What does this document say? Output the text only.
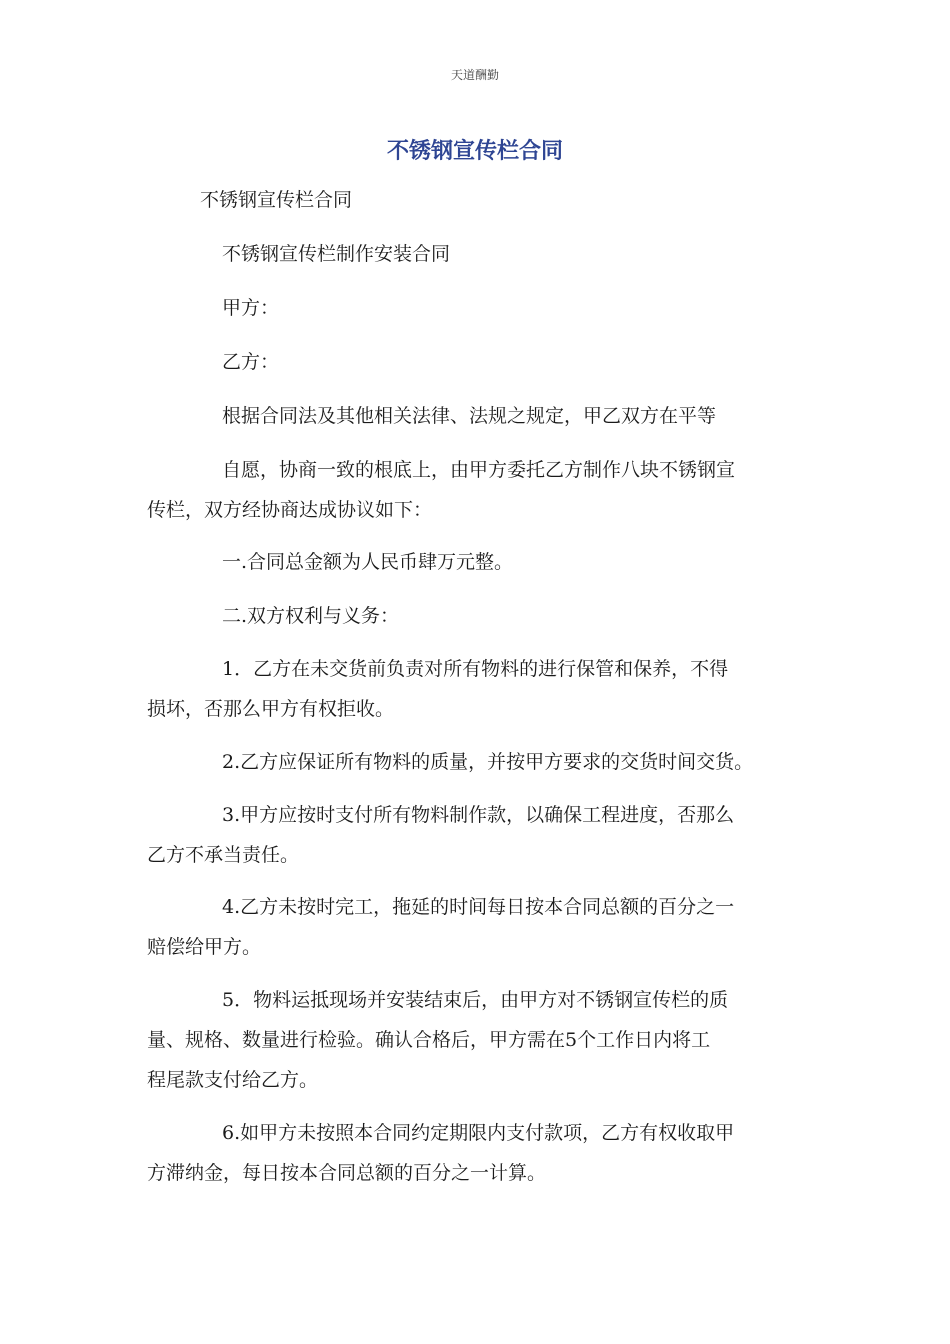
天道酬勤
不锈钢宣传栏合同
不锈钢宣传栏合同
不锈钢宣传栏制作安装合同
甲方：
乙方：
根据合同法及其他相关法律、法规之规定，甲乙双方在平等
自愿，协商一致的根底上，由甲方委托乙方制作八块不锈钢宣
传栏，双方经协商达成协议如下：
一.合同总金额为人民币肆万元整。
二.双方权利与义务：
1．乙方在未交货前负责对所有物料的进行保管和保养，不得
损坏，否那么甲方有权拒收。
2.乙方应保证所有物料的质量，并按甲方要求的交货时间交货。
3.甲方应按时支付所有物料制作款，以确保工程进度，否那么
乙方不承当责任。
4.乙方未按时完工，拖延的时间每日按本合同总额的百分之一
赔偿给甲方。
5．物料运抵现场并安装结束后，由甲方对不锈钢宣传栏的质
量、规格、数量进行检验。确认合格后，甲方需在5个工作日内将工
程尾款支付给乙方。
6.如甲方未按照本合同约定期限内支付款项，乙方有权收取甲
方滞纳金，每日按本合同总额的百分之一计算。
